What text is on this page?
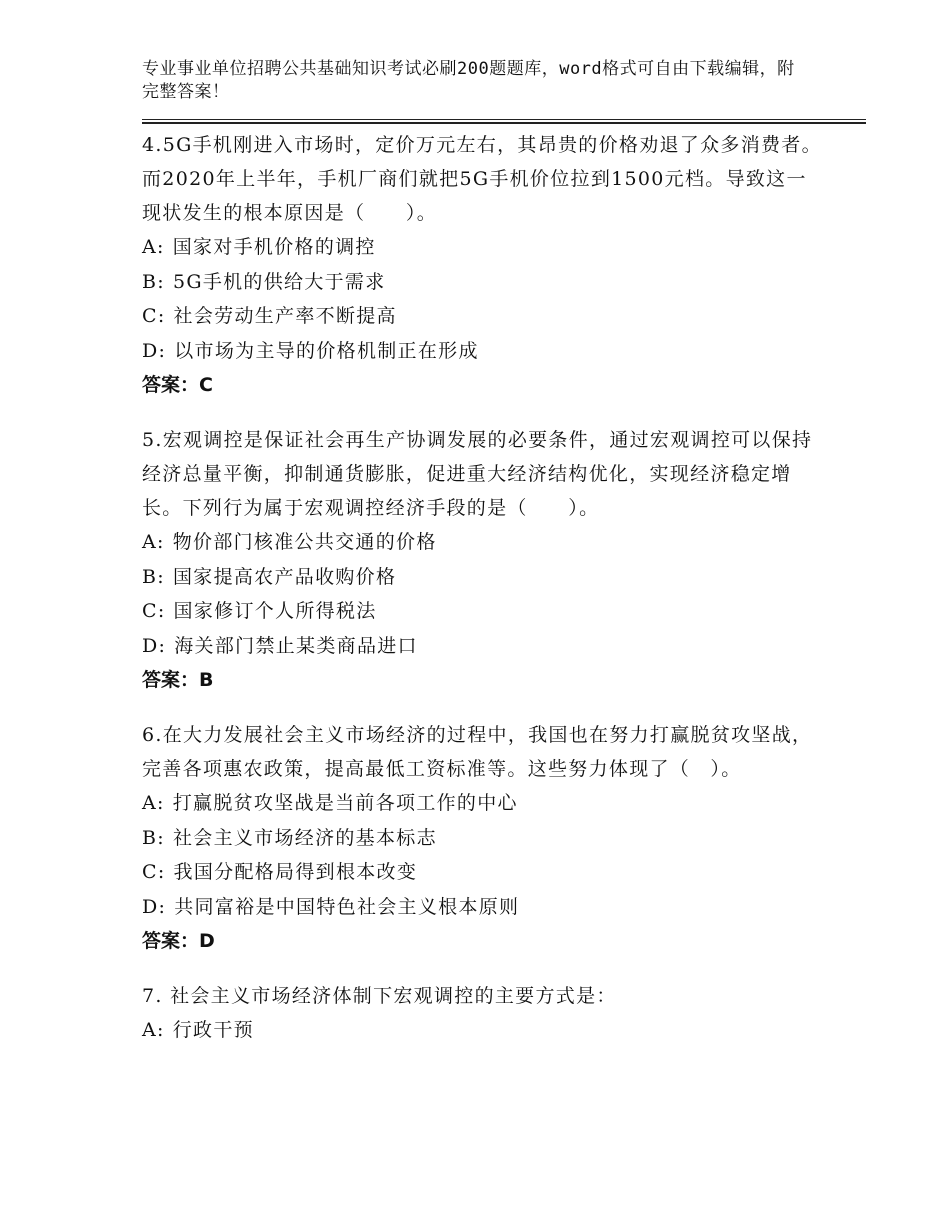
专业事业单位招聘公共基础知识考试必刷200题题库，word格式可自由下载编辑，附完整答案！
4.5G手机刚进入市场时，定价万元左右，其昂贵的价格劝退了众多消费者。而2020年上半年，手机厂商们就把5G手机价位拉到1500元档。导致这一现状发生的根本原因是（　　）。
A: 国家对手机价格的调控
B: 5G手机的供给大于需求
C: 社会劳动生产率不断提高
D: 以市场为主导的价格机制正在形成
答案：C
5.宏观调控是保证社会再生产协调发展的必要条件，通过宏观调控可以保持经济总量平衡，抑制通货膨胀，促进重大经济结构优化，实现经济稳定增长。下列行为属于宏观调控经济手段的是（　　）。
A: 物价部门核准公共交通的价格
B: 国家提高农产品收购价格
C: 国家修订个人所得税法
D: 海关部门禁止某类商品进口
答案：B
6.在大力发展社会主义市场经济的过程中，我国也在努力打赢脱贫攻坚战，完善各项惠农政策，提高最低工资标准等。这些努力体现了（　）。
A: 打赢脱贫攻坚战是当前各项工作的中心
B: 社会主义市场经济的基本标志
C: 我国分配格局得到根本改变
D: 共同富裕是中国特色社会主义根本原则
答案：D
7. 社会主义市场经济体制下宏观调控的主要方式是：
A: 行政干预
